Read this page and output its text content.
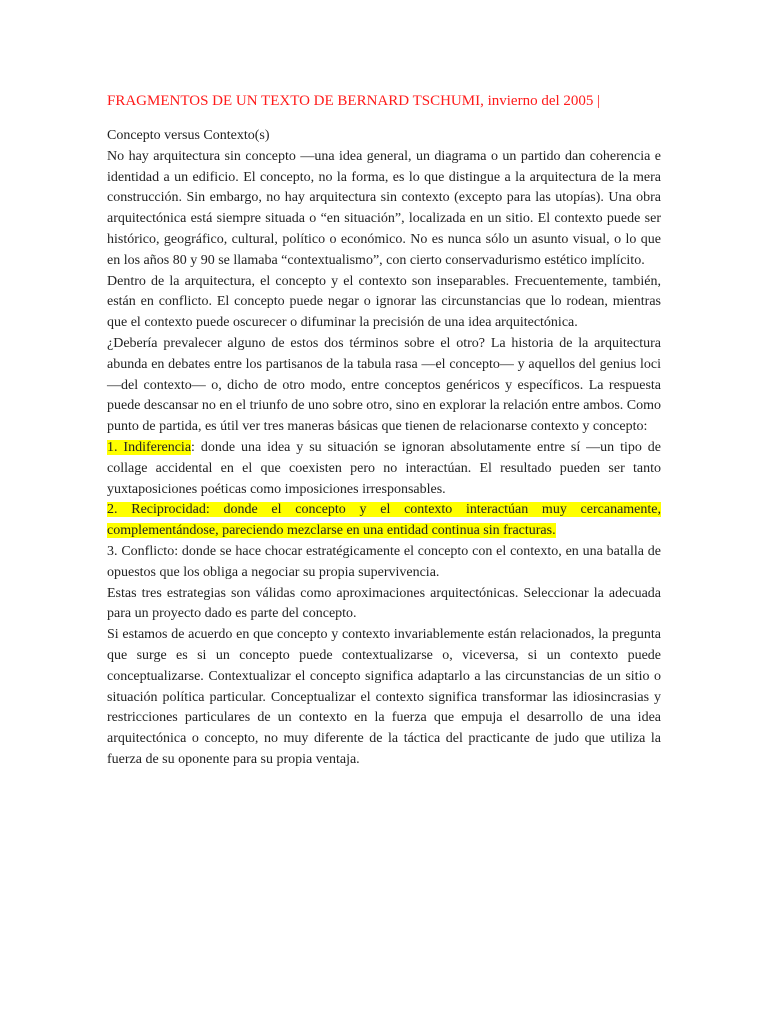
FRAGMENTOS DE UN TEXTO DE BERNARD TSCHUMI, invierno del 2005 |

Concepto versus Contexto(s)

No hay arquitectura sin concepto —una idea general, un diagrama o un partido dan coherencia e identidad a un edificio. El concepto, no la forma, es lo que distingue a la arquitectura de la mera construcción. Sin embargo, no hay arquitectura sin contexto (excepto para las utopías). Una obra arquitectónica está siempre situada o “en situación”, localizada en un sitio. El contexto puede ser histórico, geográfico, cultural, político o económico. No es nunca sólo un asunto visual, o lo que en los años 80 y 90 se llamaba “contextualismo”, con cierto conservadurismo estético implícito.

Dentro de la arquitectura, el concepto y el contexto son inseparables. Frecuentemente, también, están en conflicto. El concepto puede negar o ignorar las circunstancias que lo rodean, mientras que el contexto puede oscurecer o difuminar la precisión de una idea arquitectónica.

¿Debería prevalecer alguno de estos dos términos sobre el otro? La historia de la arquitectura abunda en debates entre los partisanos de la tabula rasa —el concepto— y aquellos del genius loci —del contexto— o, dicho de otro modo, entre conceptos genéricos y específicos. La respuesta puede descansar no en el triunfo de uno sobre otro, sino en explorar la relación entre ambos. Como punto de partida, es útil ver tres maneras básicas que tienen de relacionarse contexto y concepto:

1. Indiferencia: donde una idea y su situación se ignoran absolutamente entre sí —un tipo de collage accidental en el que coexisten pero no interactúan. El resultado pueden ser tanto yuxtaposiciones poéticas como imposiciones irresponsables.

2. Reciprocidad: donde el concepto y el contexto interactúan muy cercanamente, complementándose, pareciendo mezclarse en una entidad continua sin fracturas.

3. Conflicto: donde se hace chocar estratégicamente el concepto con el contexto, en una batalla de opuestos que los obliga a negociar su propia supervivencia.

Estas tres estrategias son válidas como aproximaciones arquitectónicas. Seleccionar la adecuada para un proyecto dado es parte del concepto.

Si estamos de acuerdo en que concepto y contexto invariablemente están relacionados, la pregunta que surge es si un concepto puede contextualizarse o, viceversa, si un contexto puede conceptualizarse. Contextualizar el concepto significa adaptarlo a las circunstancias de un sitio o situación política particular. Conceptualizar el contexto significa transformar las idiosincrasias y restricciones particulares de un contexto en la fuerza que empuja el desarrollo de una idea arquitectónica o concepto, no muy diferente de la táctica del practicante de judo que utiliza la fuerza de su oponente para su propia ventaja.
